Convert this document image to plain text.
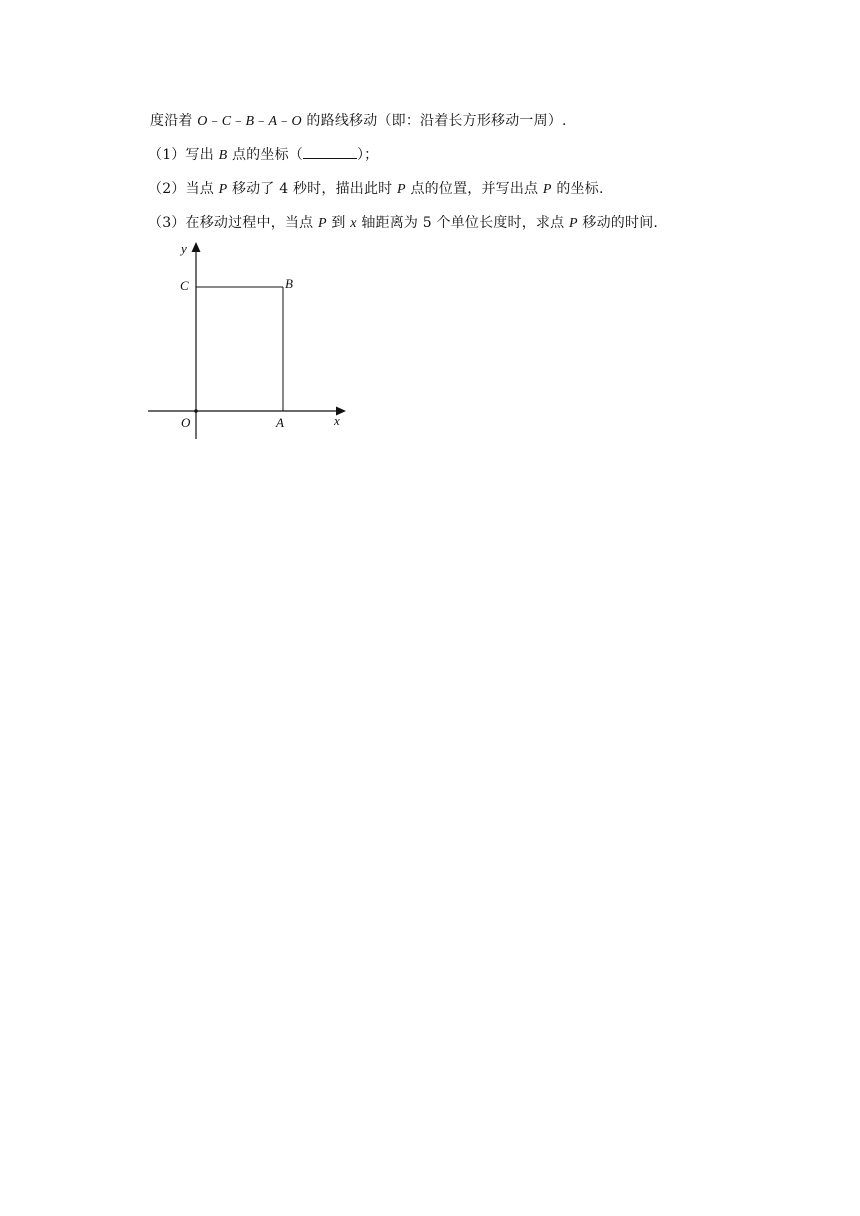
度沿着 O﹣C﹣B﹣A﹣O 的路线移动（即：沿着长方形移动一周）.
（1）写出 B 点的坐标（	）；
（2）当点 P 移动了 4 秒时，描出此时 P 点的位置，并写出点 P 的坐标.
（3）在移动过程中，当点 P 到 x 轴距离为 5 个单位长度时，求点 P 移动的时间.
y
C	B
O	A	x
